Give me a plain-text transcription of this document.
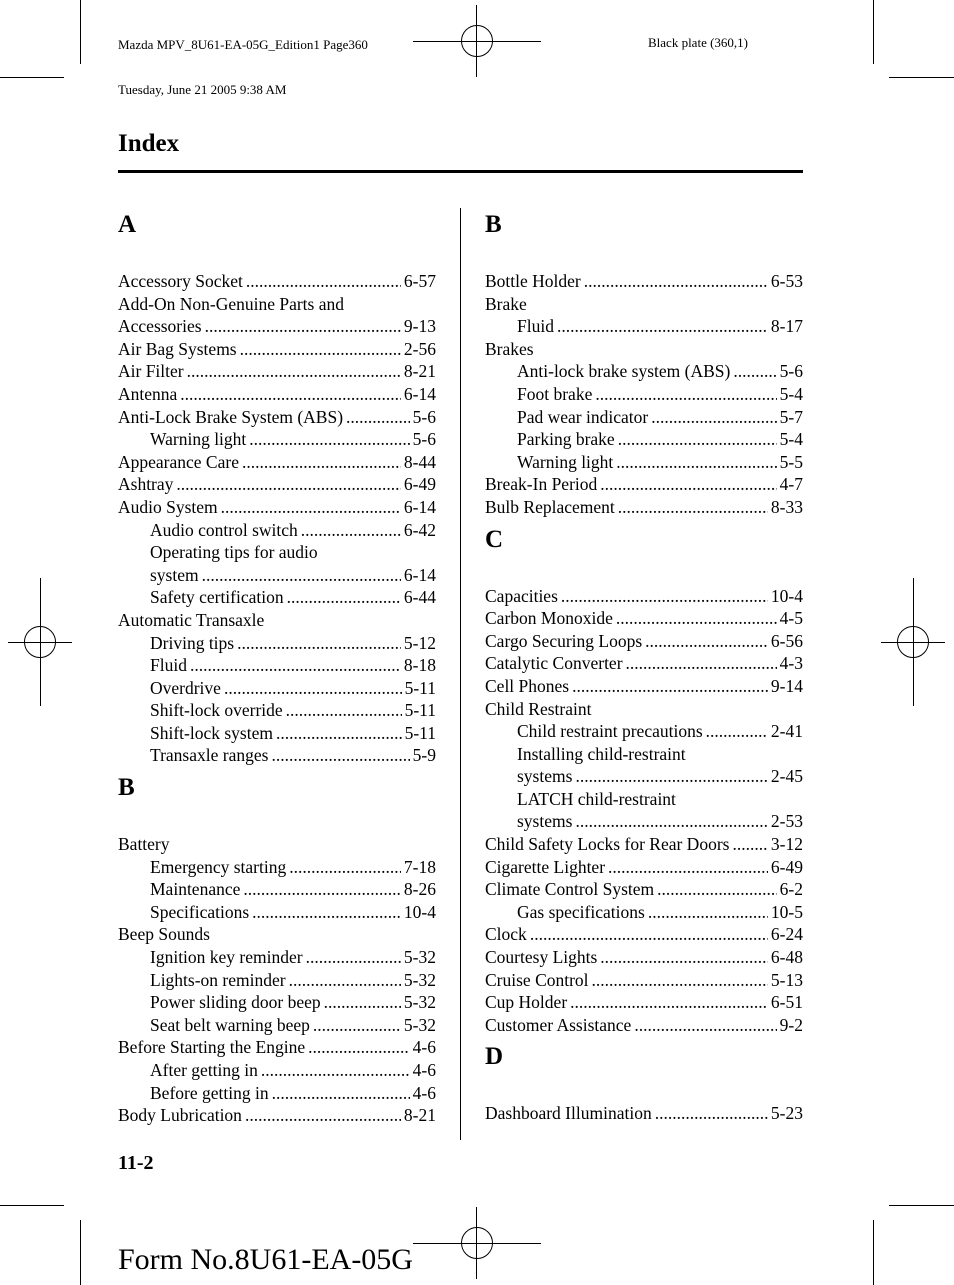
Mazda MPV_8U61-EA-05G_Edition1 Page360

Tuesday, June 21 2005 9:38 AM

Black plate (360,1)
Index
A
Accessory Socket .....	6-57
Add-On Non-Genuine Parts and
Accessories .....	9-13
Air Bag Systems .....	2-56
Air Filter .....	8-21
Antenna .....	6-14
Anti-Lock Brake System (ABS) .....	5-6
Warning light .....	5-6
Appearance Care .....	8-44
Ashtray .....	6-49
Audio System .....	6-14
Audio control switch .....	6-42
Operating tips for audio
system .....	6-14
Safety certification .....	6-44
Automatic Transaxle
Driving tips .....	5-12
Fluid .....	8-18
Overdrive .....	5-11
Shift-lock override .....	5-11
Shift-lock system .....	5-11
Transaxle ranges .....	5-9
B
Battery
Emergency starting .....	7-18
Maintenance .....	8-26
Specifications .....	10-4
Beep Sounds
Ignition key reminder .....	5-32
Lights-on reminder .....	5-32
Power sliding door beep .....	5-32
Seat belt warning beep .....	5-32
Before Starting the Engine .....	4-6
After getting in .....	4-6
Before getting in .....	4-6
Body Lubrication .....	8-21
B
Bottle Holder .....	6-53
Brake
Fluid .....	8-17
Brakes
Anti-lock brake system (ABS) .....	5-6
Foot brake .....	5-4
Pad wear indicator .....	5-7
Parking brake .....	5-4
Warning light .....	5-5
Break-In Period .....	4-7
Bulb Replacement .....	8-33
C
Capacities .....	10-4
Carbon Monoxide .....	4-5
Cargo Securing Loops .....	6-56
Catalytic Converter .....	4-3
Cell Phones .....	9-14
Child Restraint
Child restraint precautions .....	2-41
Installing child-restraint
systems .....	2-45
LATCH child-restraint
systems .....	2-53
Child Safety Locks for Rear Doors ..... 3-12
Cigarette Lighter .....	6-49
Climate Control System .....	6-2
Gas specifications .....	10-5
Clock .....	6-24
Courtesy Lights .....	6-48
Cruise Control .....	5-13
Cup Holder .....	6-51
Customer Assistance .....	9-2
D
Dashboard Illumination .....	5-23
11-2
Form No.8U61-EA-05G
